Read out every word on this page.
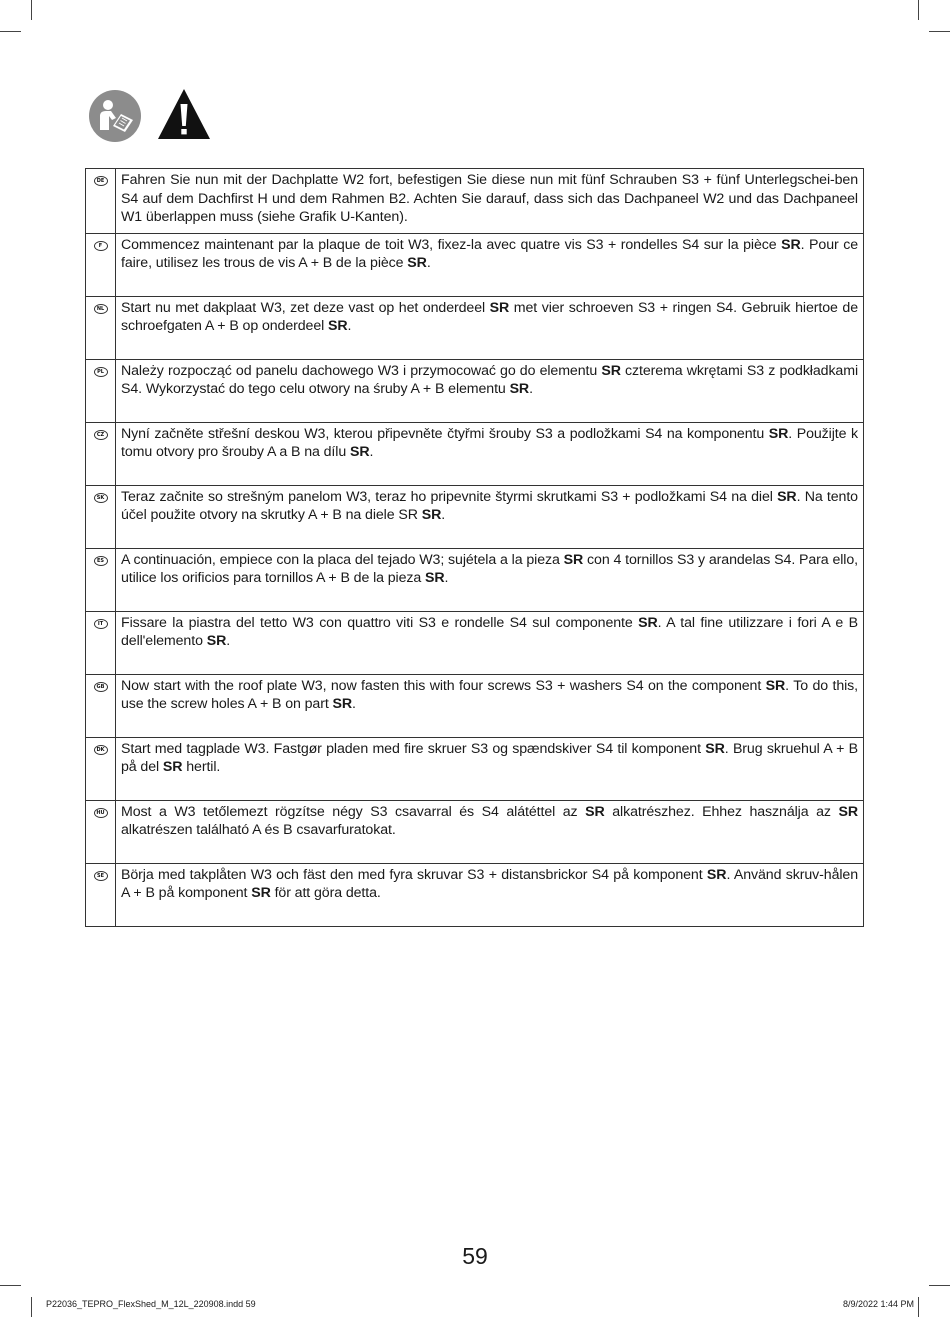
DE	Fahren Sie nun mit der Dachplatte W2 fort, befestigen Sie diese nun mit fünf Schrauben S3 + fünf Unterlegschei-ben S4 auf dem Dachfirst H und dem Rahmen B2. Achten Sie darauf, dass sich das Dachpaneel W2 und das Dachpaneel W1 überlappen muss (siehe Grafik U-Kanten).
F	Commencez maintenant par la plaque de toit W3, fixez-la avec quatre vis S3 + rondelles S4 sur la pièce SR. Pour ce faire, utilisez les trous de vis A + B de la pièce SR.
NL	Start nu met dakplaat W3, zet deze vast op het onderdeel SR met vier schroeven S3 + ringen S4. Gebruik hiertoe de schroefgaten A + B op onderdeel SR.
PL	Należy rozpocząć od panelu dachowego W3 i przymocować go do elementu SR czterema wkrętami S3 z podkładkami S4. Wykorzystać do tego celu otwory na śruby A + B elementu SR.
CZ	Nyní začněte střešní deskou W3, kterou připevněte čtyřmi šrouby S3 a podložkami S4 na komponentu SR. Použijte k tomu otvory pro šrouby A a B na dílu SR.
SK	Teraz začnite so strešným panelom W3, teraz ho pripevnite štyrmi skrutkami S3 + podložkami S4 na diel SR. Na tento účel použite otvory na skrutky A + B na diele SR SR.
ES	A continuación, empiece con la placa del tejado W3; sujétela a la pieza SR con 4 tornillos S3 y arandelas S4. Para ello, utilice los orificios para tornillos A + B de la pieza SR.
IT	Fissare la piastra del tetto W3 con quattro viti S3 e rondelle S4 sul componente SR. A tal fine utilizzare i fori A e B dell'elemento SR.
GB	Now start with the roof plate W3, now fasten this with four screws S3 + washers S4 on the component SR. To do this, use the screw holes A + B on part SR.
DK	Start med tagplade W3. Fastgør pladen med fire skruer S3 og spændskiver S4 til komponent SR. Brug skruehul A + B på del SR hertil.
HU	Most a W3 tetőlemezt rögzítse négy S3 csavarral és S4 alátéttel az SR alkatrészhez. Ehhez használja az SR alkatrészen található A és B csavarfuratokat.
SE	Börja med takplåten W3 och fäst den med fyra skruvar S3 + distansbrickor S4 på komponent SR. Använd skruv-hålen A + B på komponent SR för att göra detta.
59
P22036_TEPRO_FlexShed_M_12L_220908.indd 59	8/9/2022 1:44 PM
